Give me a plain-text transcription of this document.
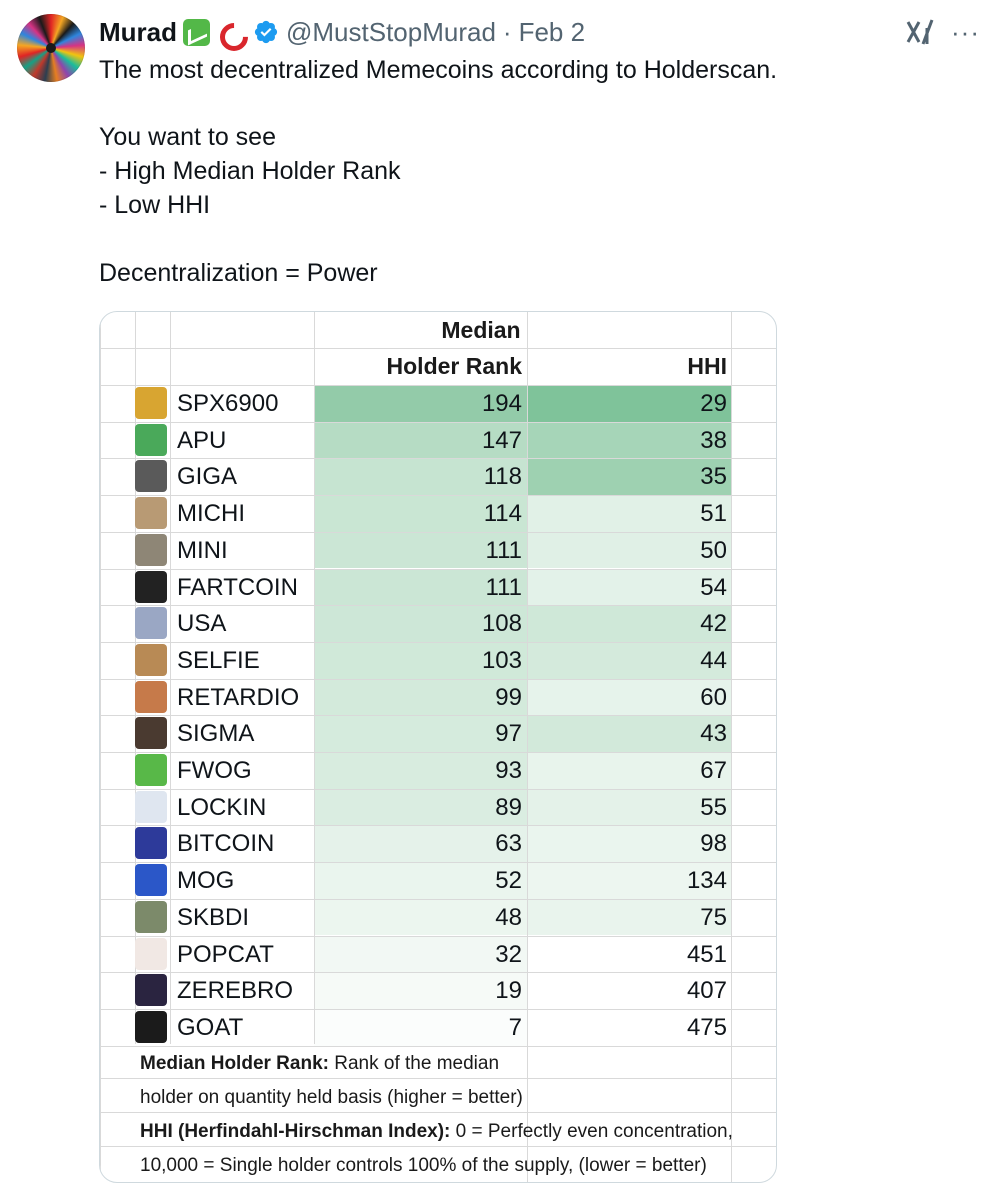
Murad	@MustStopMurad · Feb 2	···
The most decentralized Memecoins according to Holderscan.
You want to see
- High Median Holder Rank
- Low HHI
Decentralization = Power
Median
Holder Rank	HHI
SPX6900	194	29
APU	147	38
GIGA	118	35
MICHI	114	51
MINI	111	50
FARTCOIN	111	54
USA	108	42
SELFIE	103	44
RETARDIO	99	60
SIGMA	97	43
FWOG	93	67
LOCKIN	89	55
BITCOIN	63	98
MOG	52	134
SKBDI	48	75
POPCAT	32	451
ZEREBRO	19	407
GOAT	7	475
Median Holder Rank: Rank of the median
holder on quantity held basis (higher = better)
HHI (Herfindahl-Hirschman Index): 0 = Perfectly even concentration,
10,000 = Single holder controls 100% of the supply, (lower = better)
